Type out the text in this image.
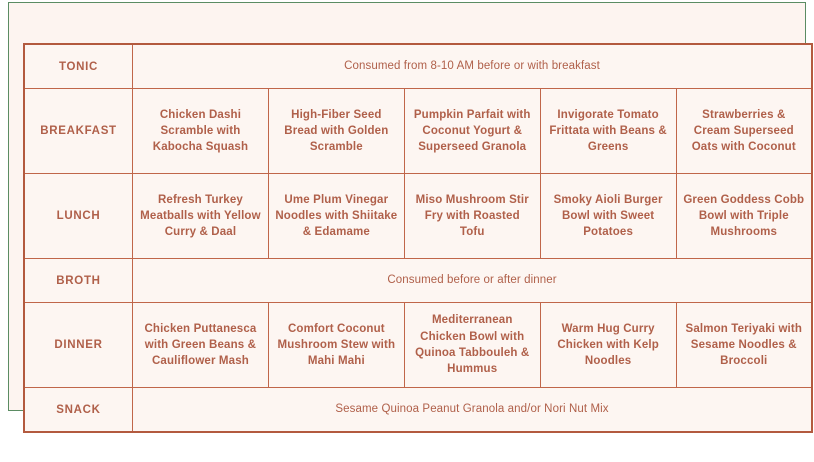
TONIC	Consumed from 8-10 AM before or with breakfast				
BREAKFAST	Chicken Dashi Scramble with Kabocha Squash	High-Fiber Seed Bread with Golden Scramble	Pumpkin Parfait with Coconut Yogurt & Superseed Granola	Invigorate Tomato Frittata with Beans & Greens	Strawberries & Cream Superseed Oats with Coconut
LUNCH	Refresh Turkey Meatballs with Yellow Curry & Daal	Ume Plum Vinegar Noodles with Shiitake & Edamame	Miso Mushroom Stir Fry with Roasted Tofu	Smoky Aioli Burger Bowl with Sweet Potatoes	Green Goddess Cobb Bowl with Triple Mushrooms
BROTH	Consumed before or after dinner				
DINNER	Chicken Puttanesca with Green Beans & Cauliflower Mash	Comfort Coconut Mushroom Stew with Mahi Mahi	Mediterranean Chicken Bowl with Quinoa Tabbouleh & Hummus	Warm Hug Curry Chicken with Kelp Noodles	Salmon Teriyaki with Sesame Noodles & Broccoli
SNACK	Sesame Quinoa Peanut Granola and/or Nori Nut Mix				
